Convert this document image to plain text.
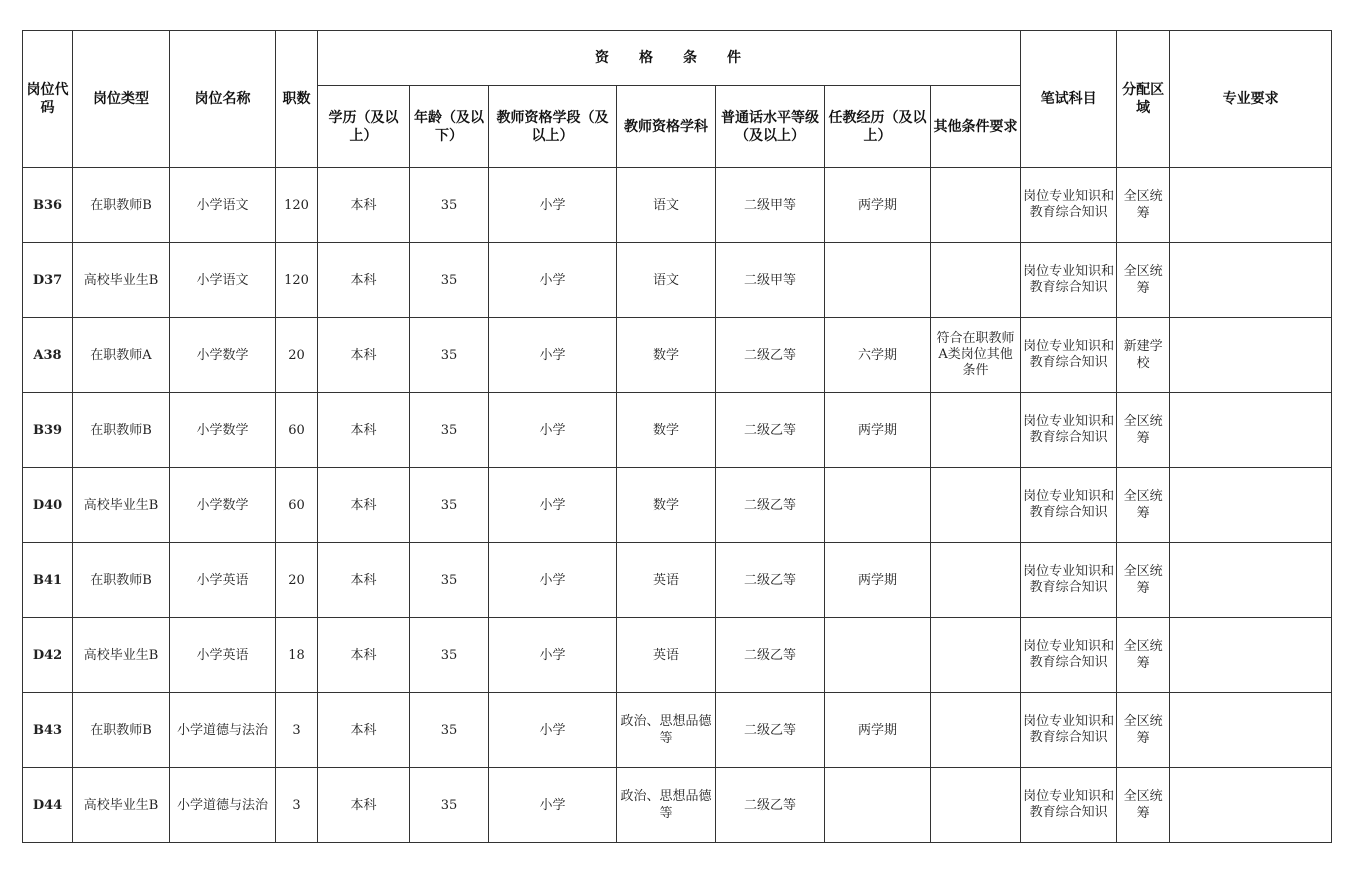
岗位代码	岗位类型	岗位名称	职数	资格条件							笔试科目	分配区域	专业要求
				学历（及以上）	年龄（及以下）	教师资格学段（及以上）	教师资格学科	普通话水平等级（及以上）	任教经历（及以上）	其他条件要求			
B36	在职教师B	小学语文	120	本科	35	小学	语文	二级甲等	两学期		岗位专业知识和教育综合知识	全区统筹	
D37	高校毕业生B	小学语文	120	本科	35	小学	语文	二级甲等			岗位专业知识和教育综合知识	全区统筹	
A38	在职教师A	小学数学	20	本科	35	小学	数学	二级乙等	六学期	符合在职教师A类岗位其他条件	岗位专业知识和教育综合知识	新建学校	
B39	在职教师B	小学数学	60	本科	35	小学	数学	二级乙等	两学期		岗位专业知识和教育综合知识	全区统筹	
D40	高校毕业生B	小学数学	60	本科	35	小学	数学	二级乙等			岗位专业知识和教育综合知识	全区统筹	
B41	在职教师B	小学英语	20	本科	35	小学	英语	二级乙等	两学期		岗位专业知识和教育综合知识	全区统筹	
D42	高校毕业生B	小学英语	18	本科	35	小学	英语	二级乙等			岗位专业知识和教育综合知识	全区统筹	
B43	在职教师B	小学道德与法治	3	本科	35	小学	政治、思想品德等	二级乙等	两学期		岗位专业知识和教育综合知识	全区统筹	
D44	高校毕业生B	小学道德与法治	3	本科	35	小学	政治、思想品德等	二级乙等			岗位专业知识和教育综合知识	全区统筹	
